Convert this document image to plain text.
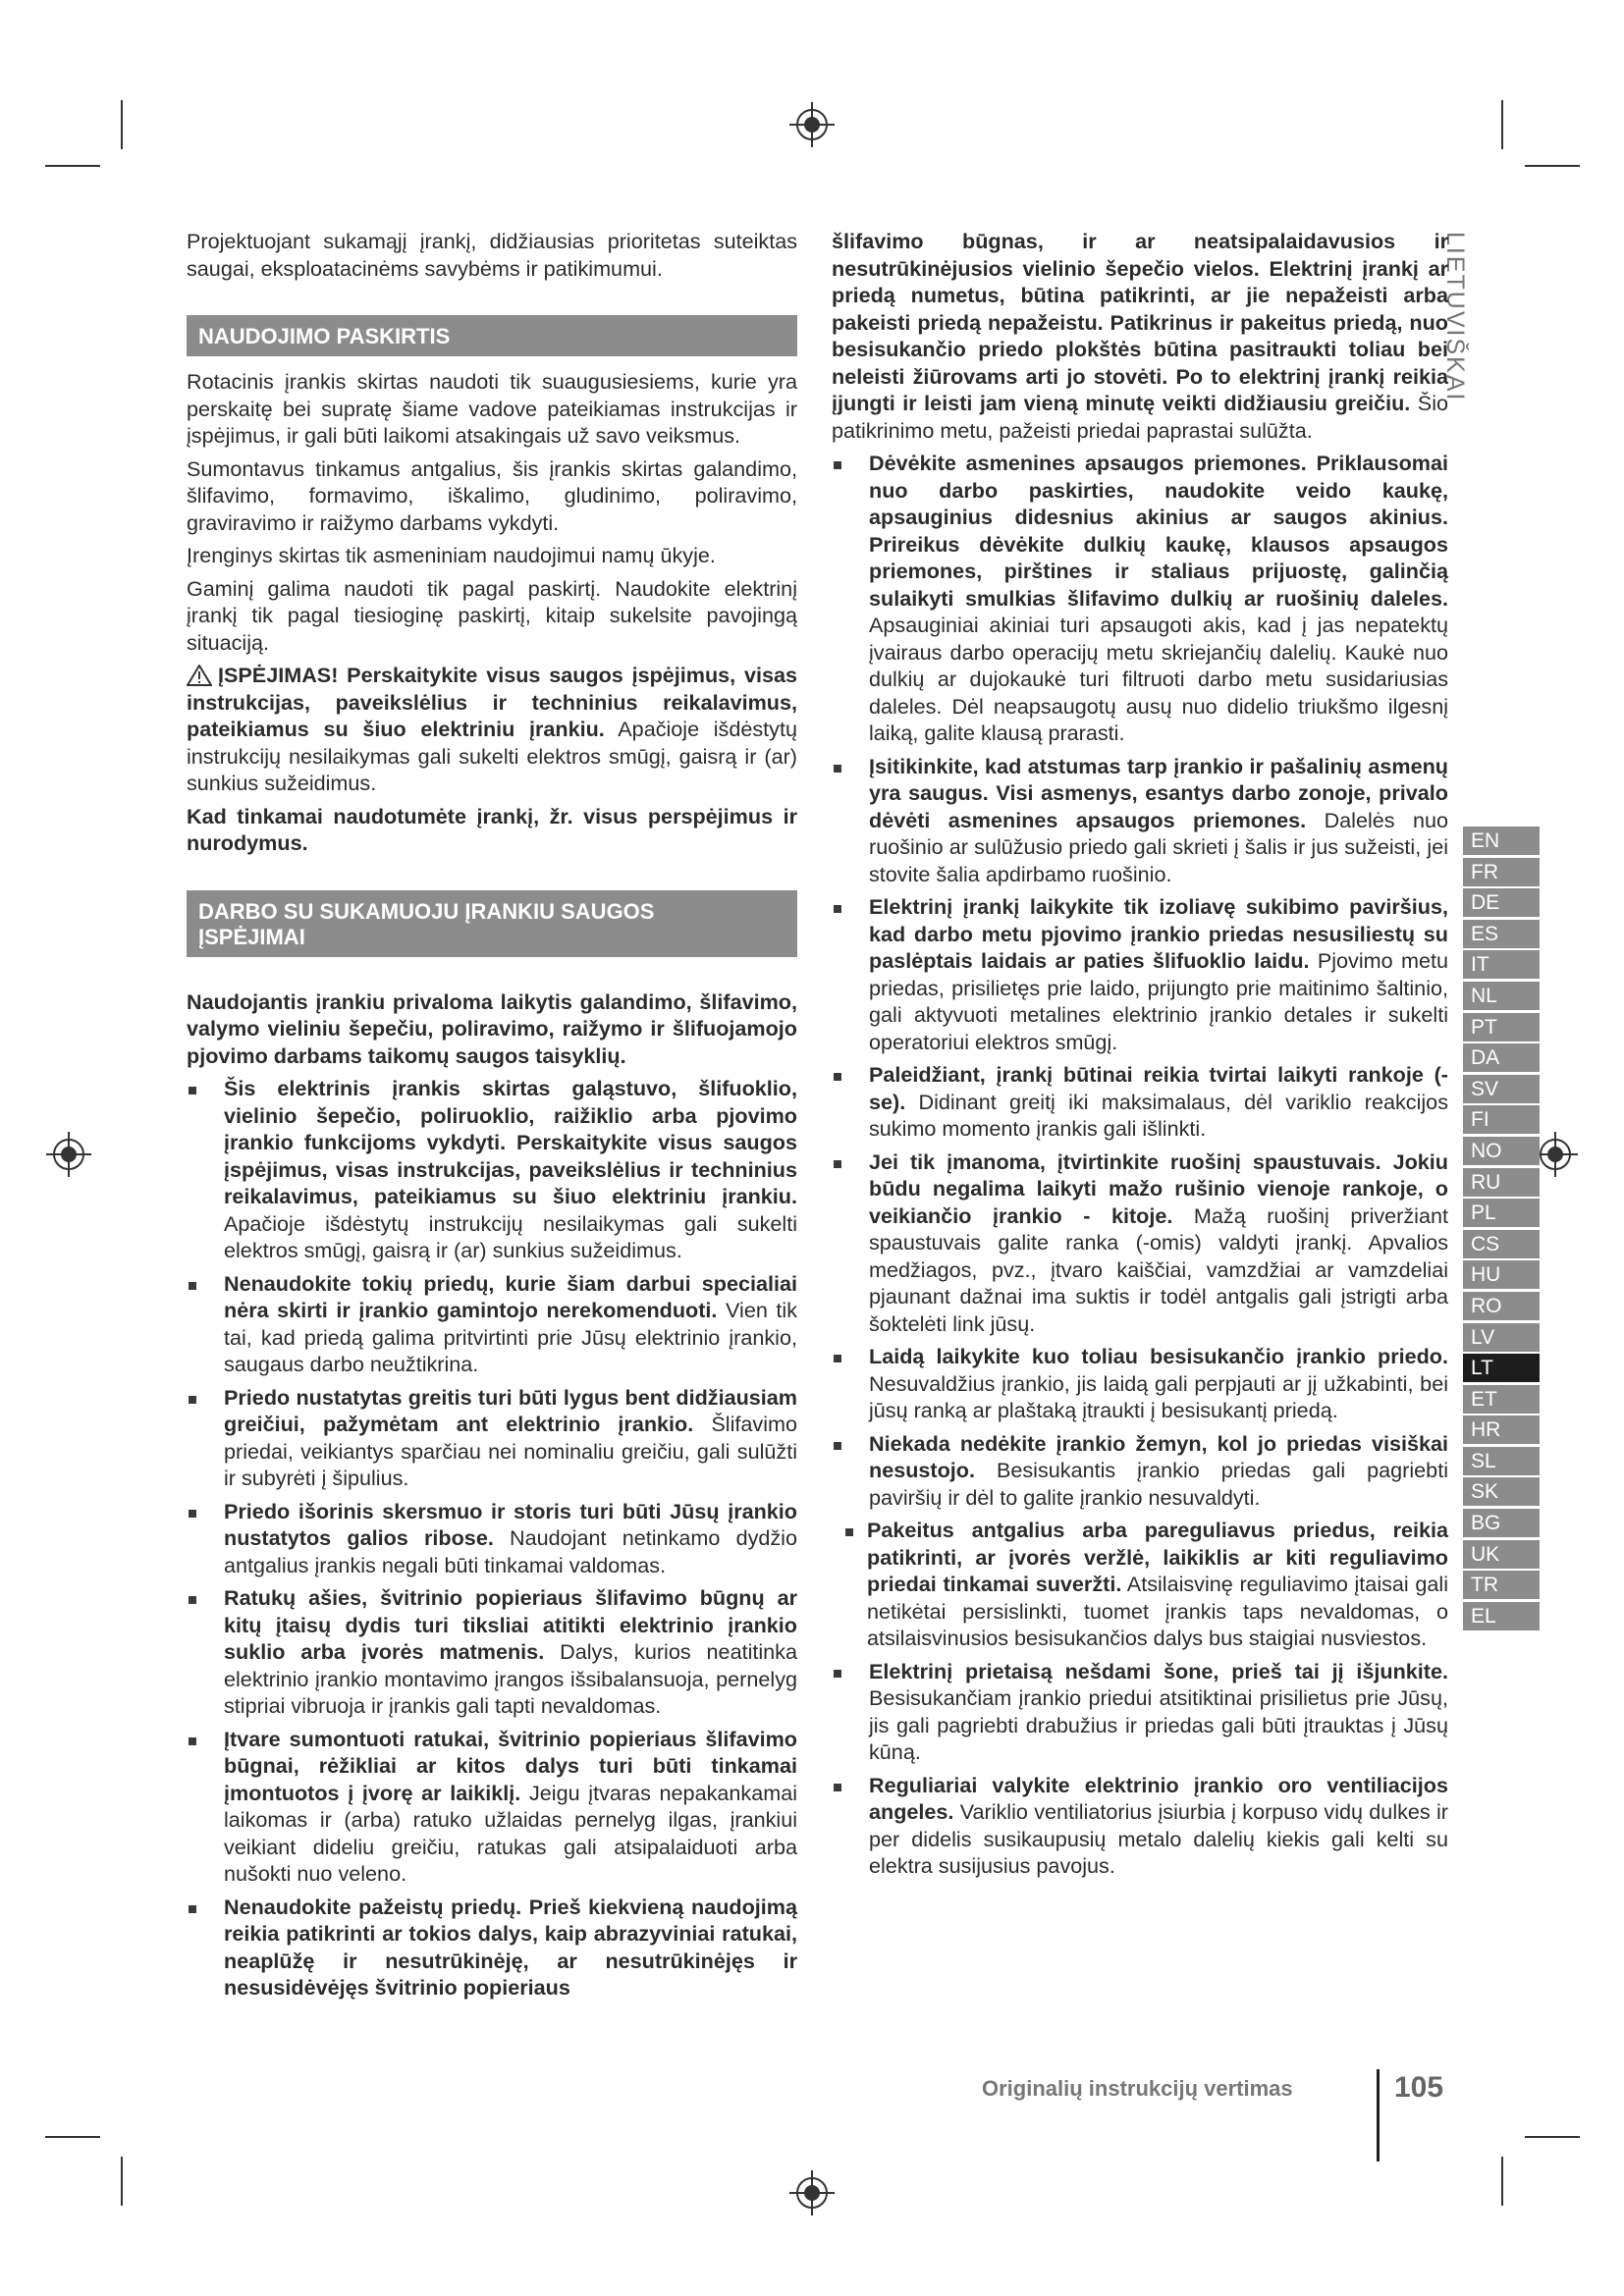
LIETUVIŠKAI

Projektuojant sukamąjį įrankį, didžiausias prioritetas suteiktas saugai, eksploatacinėms savybėms ir patikimumui.

NAUDOJIMO PASKIRTIS

Rotacinis įrankis skirtas naudoti tik suaugusiesiems, kurie yra perskaitę bei supratę šiame vadove pateikiamas instrukcijas ir įspėjimus, ir gali būti laikomi atsakingais už savo veiksmus.

Sumontavus tinkamus antgalius, šis įrankis skirtas galandimo, šlifavimo, formavimo, iškalimo, gludinimo, poliravimo, graviravimo ir raižymo darbams vykdyti.

Įrenginys skirtas tik asmeniniam naudojimui namų ūkyje.

Gaminį galima naudoti tik pagal paskirtį. Naudokite elektrinį įrankį tik pagal tiesioginę paskirtį, kitaip sukelsite pavojingą situaciją.

ĮSPĖJIMAS! Perskaitykite visus saugos įspėjimus, visas instrukcijas, paveikslėlius ir techninius reikalavimus, pateikiamus su šiuo elektriniu įrankiu. Apačioje išdėstytų instrukcijų nesilaikymas gali sukelti elektros smūgį, gaisrą ir (ar) sunkius sužeidimus.

Kad tinkamai naudotumėte įrankį, žr. visus perspėjimus ir nurodymus.

DARBO SU SUKAMUOJU ĮRANKIU SAUGOS
ĮSPĖJIMAI

Naudojantis įrankiu privaloma laikytis galandimo, šlifavimo, valymo vieliniu šepečiu, poliravimo, raižymo ir šlifuojamojo pjovimo darbams taikomų saugos taisyklių.

Šis elektrinis įrankis skirtas galąstuvo, šlifuoklio, vielinio šepečio, poliruoklio, raižiklio arba pjovimo įrankio funkcijoms vykdyti. Perskaitykite visus saugos įspėjimus, visas instrukcijas, paveikslėlius ir techninius reikalavimus, pateikiamus su šiuo elektriniu įrankiu. Apačioje išdėstytų instrukcijų nesilaikymas gali sukelti elektros smūgį, gaisrą ir (ar) sunkius sužeidimus.
Nenaudokite tokių priedų, kurie šiam darbui specialiai nėra skirti ir įrankio gamintojo nerekomenduoti. Vien tik tai, kad priedą galima pritvirtinti prie Jūsų elektrinio įrankio, saugaus darbo neužtikrina.
Priedo nustatytas greitis turi būti lygus bent didžiausiam greičiui, pažymėtam ant elektrinio įrankio. Šlifavimo priedai, veikiantys sparčiau nei nominaliu greičiu, gali sulūžti ir subyrėti į šipulius.
Priedo išorinis skersmuo ir storis turi būti Jūsų įrankio nustatytos galios ribose. Naudojant netinkamo dydžio antgalius įrankis negali būti tinkamai valdomas.
Ratukų ašies, švitrinio popieriaus šlifavimo būgnų ar kitų įtaisų dydis turi tiksliai atitikti elektrinio įrankio suklio arba įvorės matmenis. Dalys, kurios neatitinka elektrinio įrankio montavimo įrangos išsibalansuoja, pernelyg stipriai vibruoja ir įrankis gali tapti nevaldomas.
Įtvare sumontuoti ratukai, švitrinio popieriaus šlifavimo būgnai, rėžikliai ar kitos dalys turi būti tinkamai įmontuotos į įvorę ar laikiklį. Jeigu įtvaras nepakankamai laikomas ir (arba) ratuko užlaidas pernelyg ilgas, įrankiui veikiant dideliu greičiu, ratukas gali atsipalaiduoti arba nušokti nuo veleno.
Nenaudokite pažeistų priedų. Prieš kiekvieną naudojimą reikia patikrinti ar tokios dalys, kaip abrazyviniai ratukai, neaplūžę ir nesutrūkinėję, ar nesutrūkinėjęs ir nesusidėvėjęs švitrinio popieriaus

šlifavimo būgnas, ir ar neatsipalaidavusios ir nesutrūkinėjusios vielinio šepečio vielos. Elektrinį įrankį ar priedą numetus, būtina patikrinti, ar jie nepažeisti arba pakeisti priedą nepažeistu. Patikrinus ir pakeitus priedą, nuo besisukančio priedo plokštės būtina pasitraukti toliau bei neleisti žiūrovams arti jo stovėti. Po to elektrinį įrankį reikia įjungti ir leisti jam vieną minutę veikti didžiausiu greičiu. Šio patikrinimo metu, pažeisti priedai paprastai sulūžta.

Dėvėkite asmenines apsaugos priemones. Priklausomai nuo darbo paskirties, naudokite veido kaukę, apsauginius didesnius akinius ar saugos akinius. Prireikus dėvėkite dulkių kaukę, klausos apsaugos priemones, pirštines ir staliaus prijuostę, galinčią sulaikyti smulkias šlifavimo dulkių ar ruošinių daleles. Apsauginiai akiniai turi apsaugoti akis, kad į jas nepatektų įvairaus darbo operacijų metu skriejančių dalelių. Kaukė nuo dulkių ar dujokaukė turi filtruoti darbo metu susidariusias daleles. Dėl neapsaugotų ausų nuo didelio triukšmo ilgesnį laiką, galite klausą prarasti.
Įsitikinkite, kad atstumas tarp įrankio ir pašalinių asmenų yra saugus. Visi asmenys, esantys darbo zonoje, privalo dėvėti asmenines apsaugos priemones. Dalelės nuo ruošinio ar sulūžusio priedo gali skrieti į šalis ir jus sužeisti, jei stovite šalia apdirbamo ruošinio.
Elektrinį įrankį laikykite tik izoliavę sukibimo paviršius, kad darbo metu pjovimo įrankio priedas nesusiliestų su paslėptais laidais ar paties šlifuoklio laidu. Pjovimo metu priedas, prisilietęs prie laido, prijungto prie maitinimo šaltinio, gali aktyvuoti metalines elektrinio įrankio detales ir sukelti operatoriui elektros smūgį.
Paleidžiant, įrankį būtinai reikia tvirtai laikyti rankoje (-se). Didinant greitį iki maksimalaus, dėl variklio reakcijos sukimo momento įrankis gali išlinkti.
Jei tik įmanoma, įtvirtinkite ruošinį spaustuvais. Jokiu būdu negalima laikyti mažo rušinio vienoje rankoje, o veikiančio įrankio - kitoje. Mažą ruošinį priveržiant spaustuvais galite ranka (-omis) valdyti įrankį. Apvalios medžiagos, pvz., įtvaro kaiščiai, vamzdžiai ar vamzdeliai pjaunant dažnai ima suktis ir todėl antgalis gali įstrigti arba šoktelėti link jūsų.
Laidą laikykite kuo toliau besisukančio įrankio priedo. Nesuvaldžius įrankio, jis laidą gali perpjauti ar jį užkabinti, bei jūsų ranką ar plaštaką įtraukti į besisukantį priedą.
Niekada nedėkite įrankio žemyn, kol jo priedas visiškai nesustojo. Besisukantis įrankio priedas gali pagriebti paviršių ir dėl to galite įrankio nesuvaldyti.
Pakeitus antgalius arba pareguliavus priedus, reikia patikrinti, ar įvorės veržlė, laikiklis ar kiti reguliavimo priedai tinkamai suveržti. Atsilaisvinę reguliavimo įtaisai gali netikėtai persislinkti, tuomet įrankis taps nevaldomas, o atsilaisvinusios besisukančios dalys bus staigiai nusviestos.
Elektrinį prietaisą nešdami šone, prieš tai jį išjunkite. Besisukančiam įrankio priedui atsitiktinai prisilietus prie Jūsų, jis gali pagriebti drabužius ir priedas gali būti įtrauktas į Jūsų kūną.
Reguliariai valykite elektrinio įrankio oro ventiliacijos angeles. Variklio ventiliatorius įsiurbia į korpuso vidų dulkes ir per didelis susikaupusių metalo dalelių kiekis gali kelti su elektra susijusius pavojus.
EN
FR
DE
ES
IT
NL
PT
DA
SV
FI
NO
RU
PL
CS
HU
RO
LV
LT
ET
HR
SL
SK
BG
UK
TR
EL
Originalių instrukcijų vertimas	105
